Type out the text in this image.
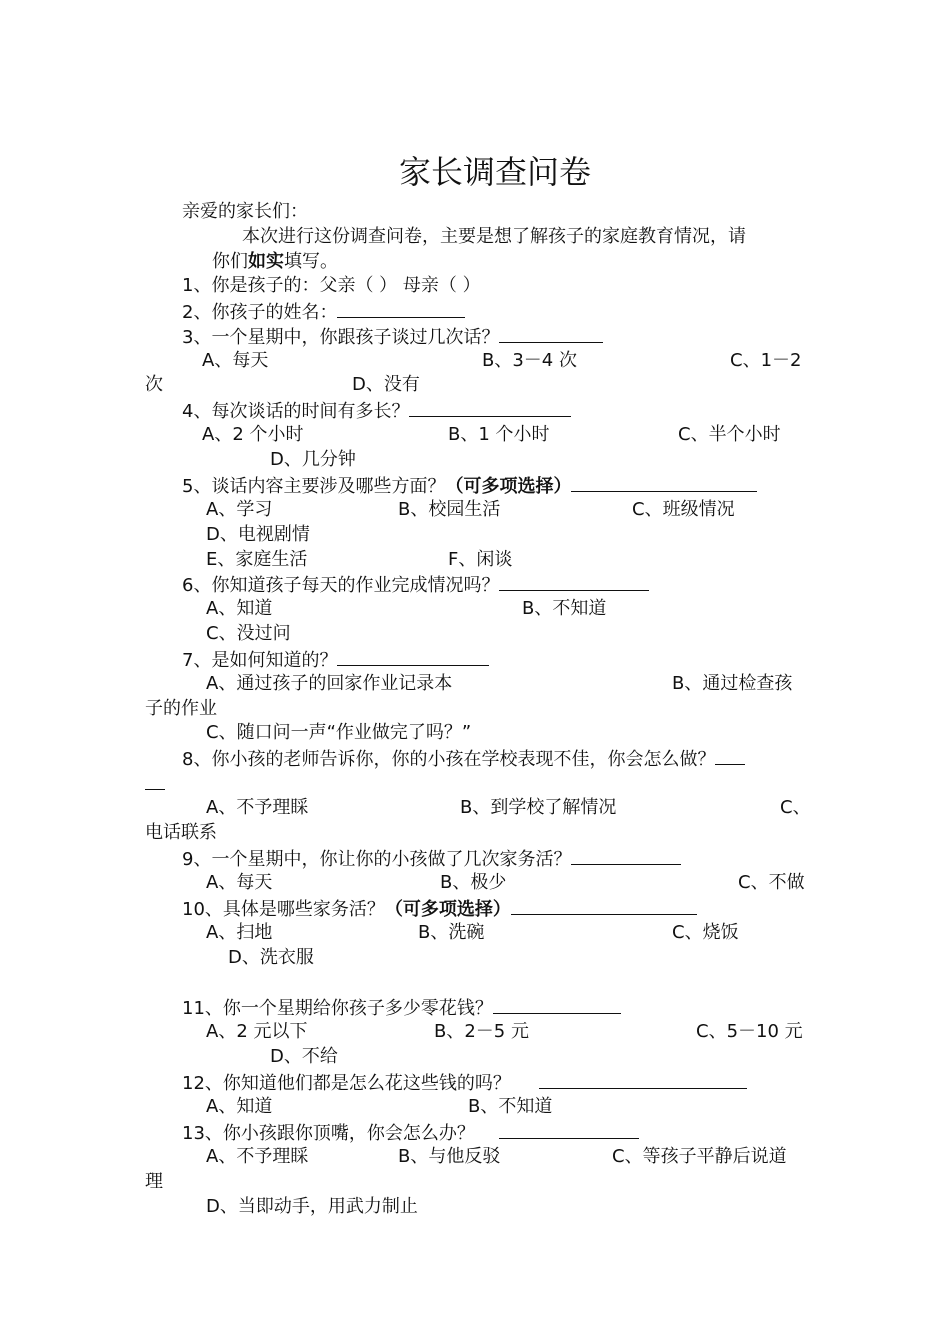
家长调查问卷
亲爱的家长们：
本次进行这份调查问卷，主要是想了解孩子的家庭教育情况，请
你们如实填写。
1、你是孩子的：父亲（ ） 母亲（ ）
2、你孩子的姓名：
3、一个星期中，你跟孩子谈过几次话？
A、每天	B、3－4 次	C、1－2
次	D、没有
4、每次谈话的时间有多长？
A、2 个小时	B、1 个小时	C、半个小时
D、几分钟
5、谈话内容主要涉及哪些方面？（可多项选择）
A、学习	B、校园生活	C、班级情况
D、电视剧情
E、家庭生活	F、闲谈
6、你知道孩子每天的作业完成情况吗？
A、知道	B、不知道
C、没过问
7、是如何知道的？
A、通过孩子的回家作业记录本	B、通过检查孩
子的作业
C、随口问一声“作业做完了吗？”
8、你小孩的老师告诉你，你的小孩在学校表现不佳，你会怎么做？
A、不予理睬	B、到学校了解情况	C、
电话联系
9、一个星期中，你让你的小孩做了几次家务活？
A、每天	B、极少	C、不做
10、具体是哪些家务活？（可多项选择）
A、扫地	B、洗碗	C、烧饭
D、洗衣服
11、你一个星期给你孩子多少零花钱？
A、2 元以下	B、2－5 元	C、5－10 元
D、不给
12、你知道他们都是怎么花这些钱的吗？
A、知道	B、不知道
13、你小孩跟你顶嘴，你会怎么办？
A、不予理睬	B、与他反驳	C、等孩子平静后说道
理
D、当即动手，用武力制止
